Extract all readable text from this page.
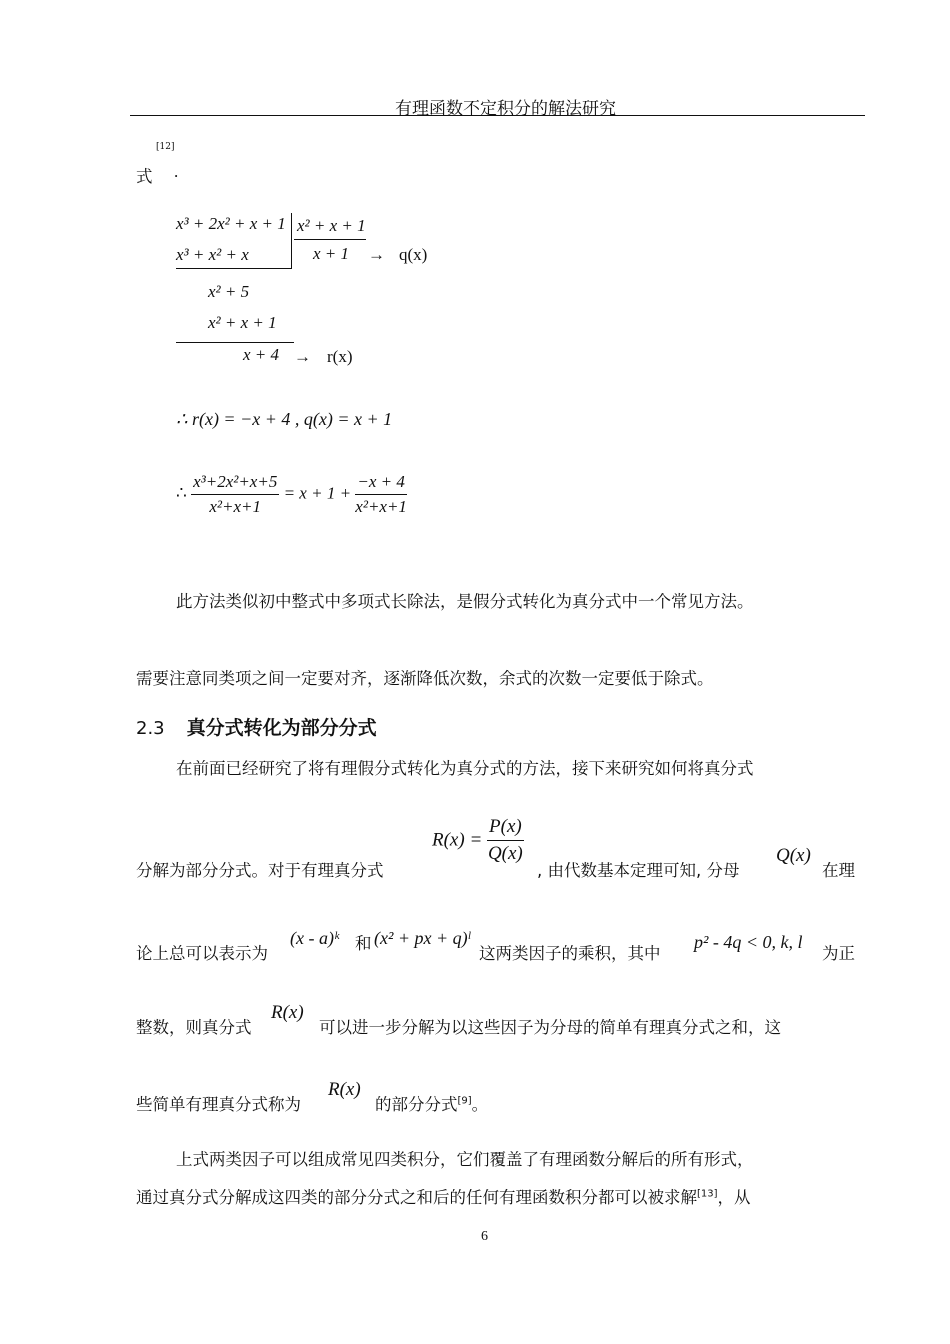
有理函数不定积分的解法研究
[12]
式 .
x³ + 2x² + x + 1 x² + x + 1
x³ + x² + x	x + 1 → q(x)
x² + 5
x² + x + 1
x + 4 → r(x)
∴ r(x) = −x + 4 , q(x) = x + 1
∴ $\frac{\text{x³+2x²+x+5}}{\text{x²+x+1}} = x + 1 + \frac{-x + 4}{\text{x²+x+1}}$
此方法类似初中整式中多项式长除法，是假分式转化为真分式中一个常见方法。
需要注意同类项之间一定要对齐，逐渐降低次数，余式的次数一定要低于除式。
2.3 真分式转化为部分分式
在前面已经研究了将有理假分式转化为真分式的方法，接下来研究如何将真分式
分解为部分分式。对于有理真分式
$R(x) = \frac{P(x)}{Q(x)}$
, 由代数基本定理可知, 分母
Q(x)
在理
论上总可以表示为
(x - a)ᵏ 和 (x² + px + q)ˡ
这两类因子的乘积，其中
p² - 4q < 0, k, l
为正
整数，则真分式
R(x)
可以进一步分解为以这些因子为分母的简单有理真分式之和，这
些简单有理真分式称为
R(x)
的部分分式[9]。
上式两类因子可以组成常见四类积分，它们覆盖了有理函数分解后的所有形式，
通过真分式分解成这四类的部分分式之和后的任何有理函数积分都可以被求解[13]，从
6
